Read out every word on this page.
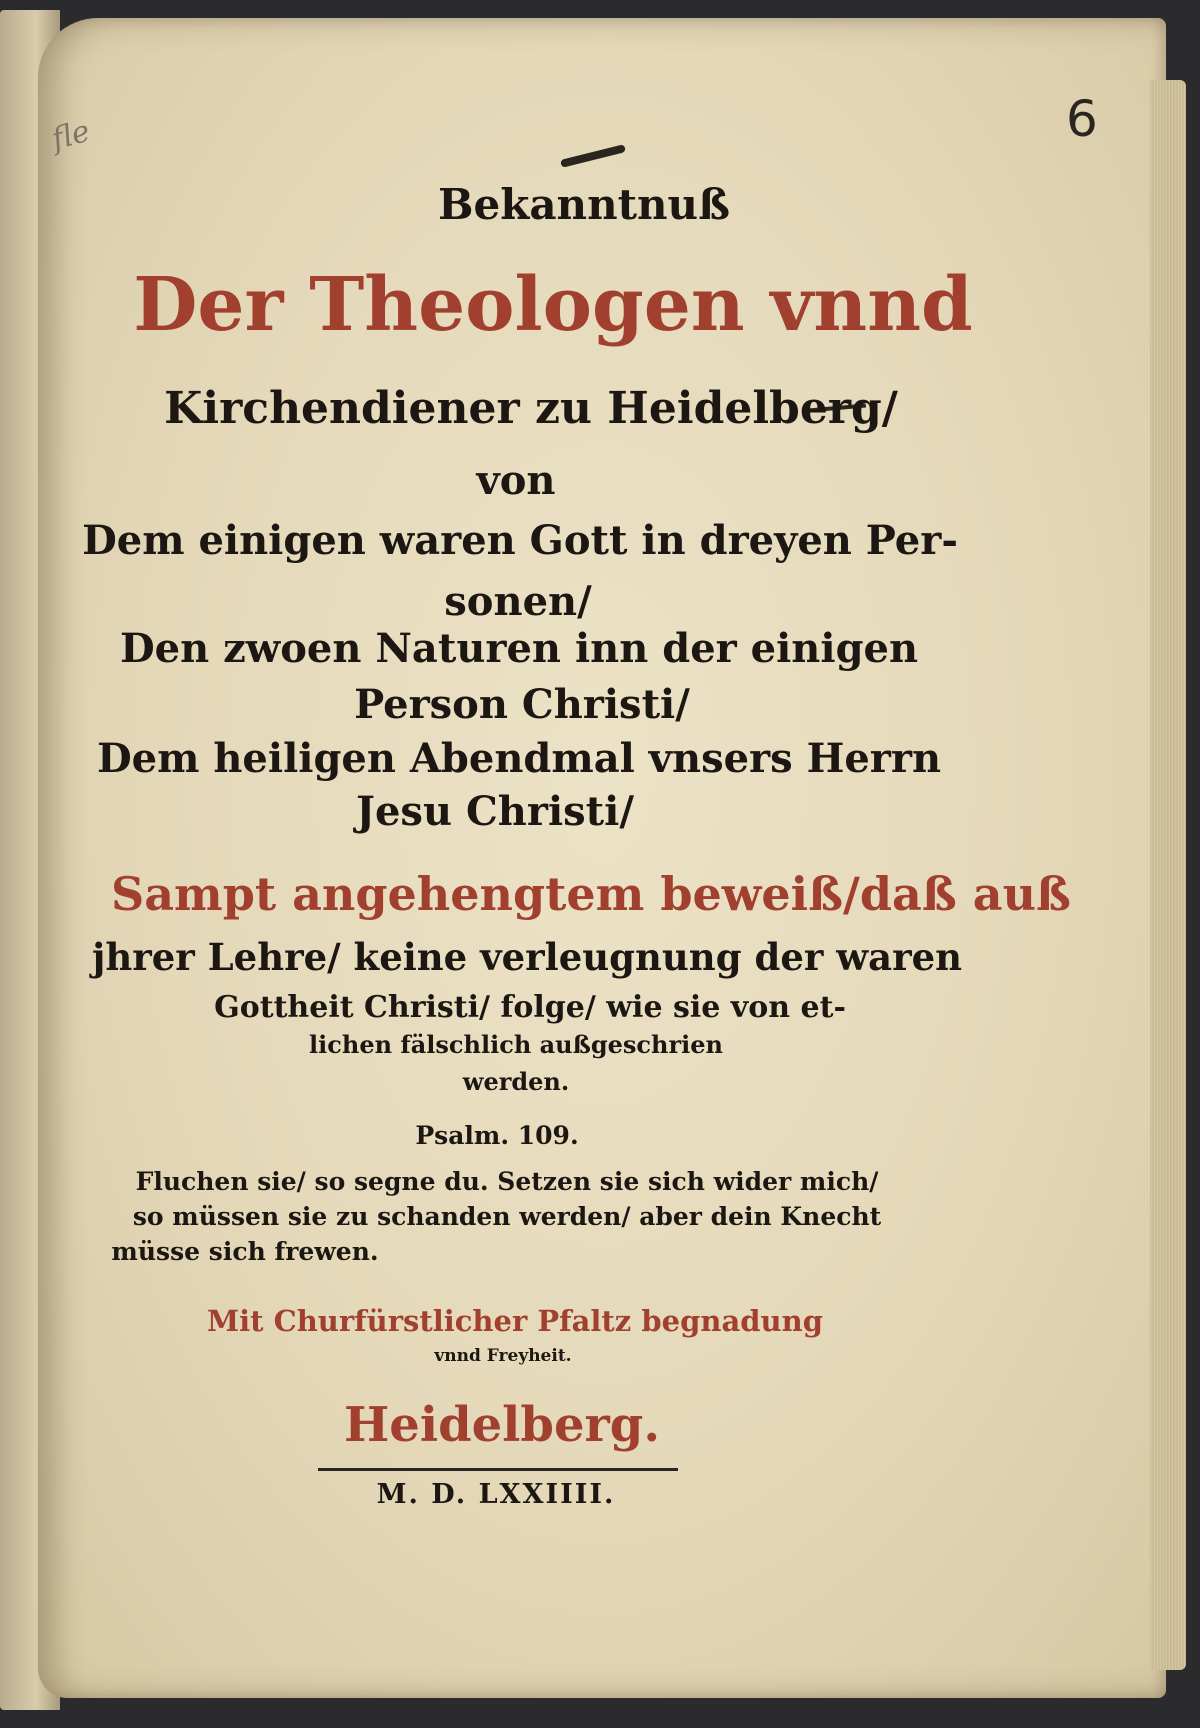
fle	6
Bekanntnuß
Der Theologen vnnd
Kirchendiener zu Heidelberg/
von
Dem einigen waren Gott in dreyen Per-
sonen/
Den zwoen Naturen inn der einigen
Person Christi/
Dem heiligen Abendmal vnsers Herrn
Jesu Christi/
Sampt angehengtem beweiß/daß auß
jhrer Lehre/ keine verleugnung der waren
Gottheit Christi/ folge/ wie sie von et-
lichen fälschlich außgeschrien
werden.
Psalm. 109.
Fluchen sie/ so segne du. Setzen sie sich wider mich/
so müssen sie zu schanden werden/ aber dein Knecht
müsse sich frewen.
Mit Churfürstlicher Pfaltz begnadung
vnnd Freyheit.
Heidelberg.
M. D. LXXIIII.
